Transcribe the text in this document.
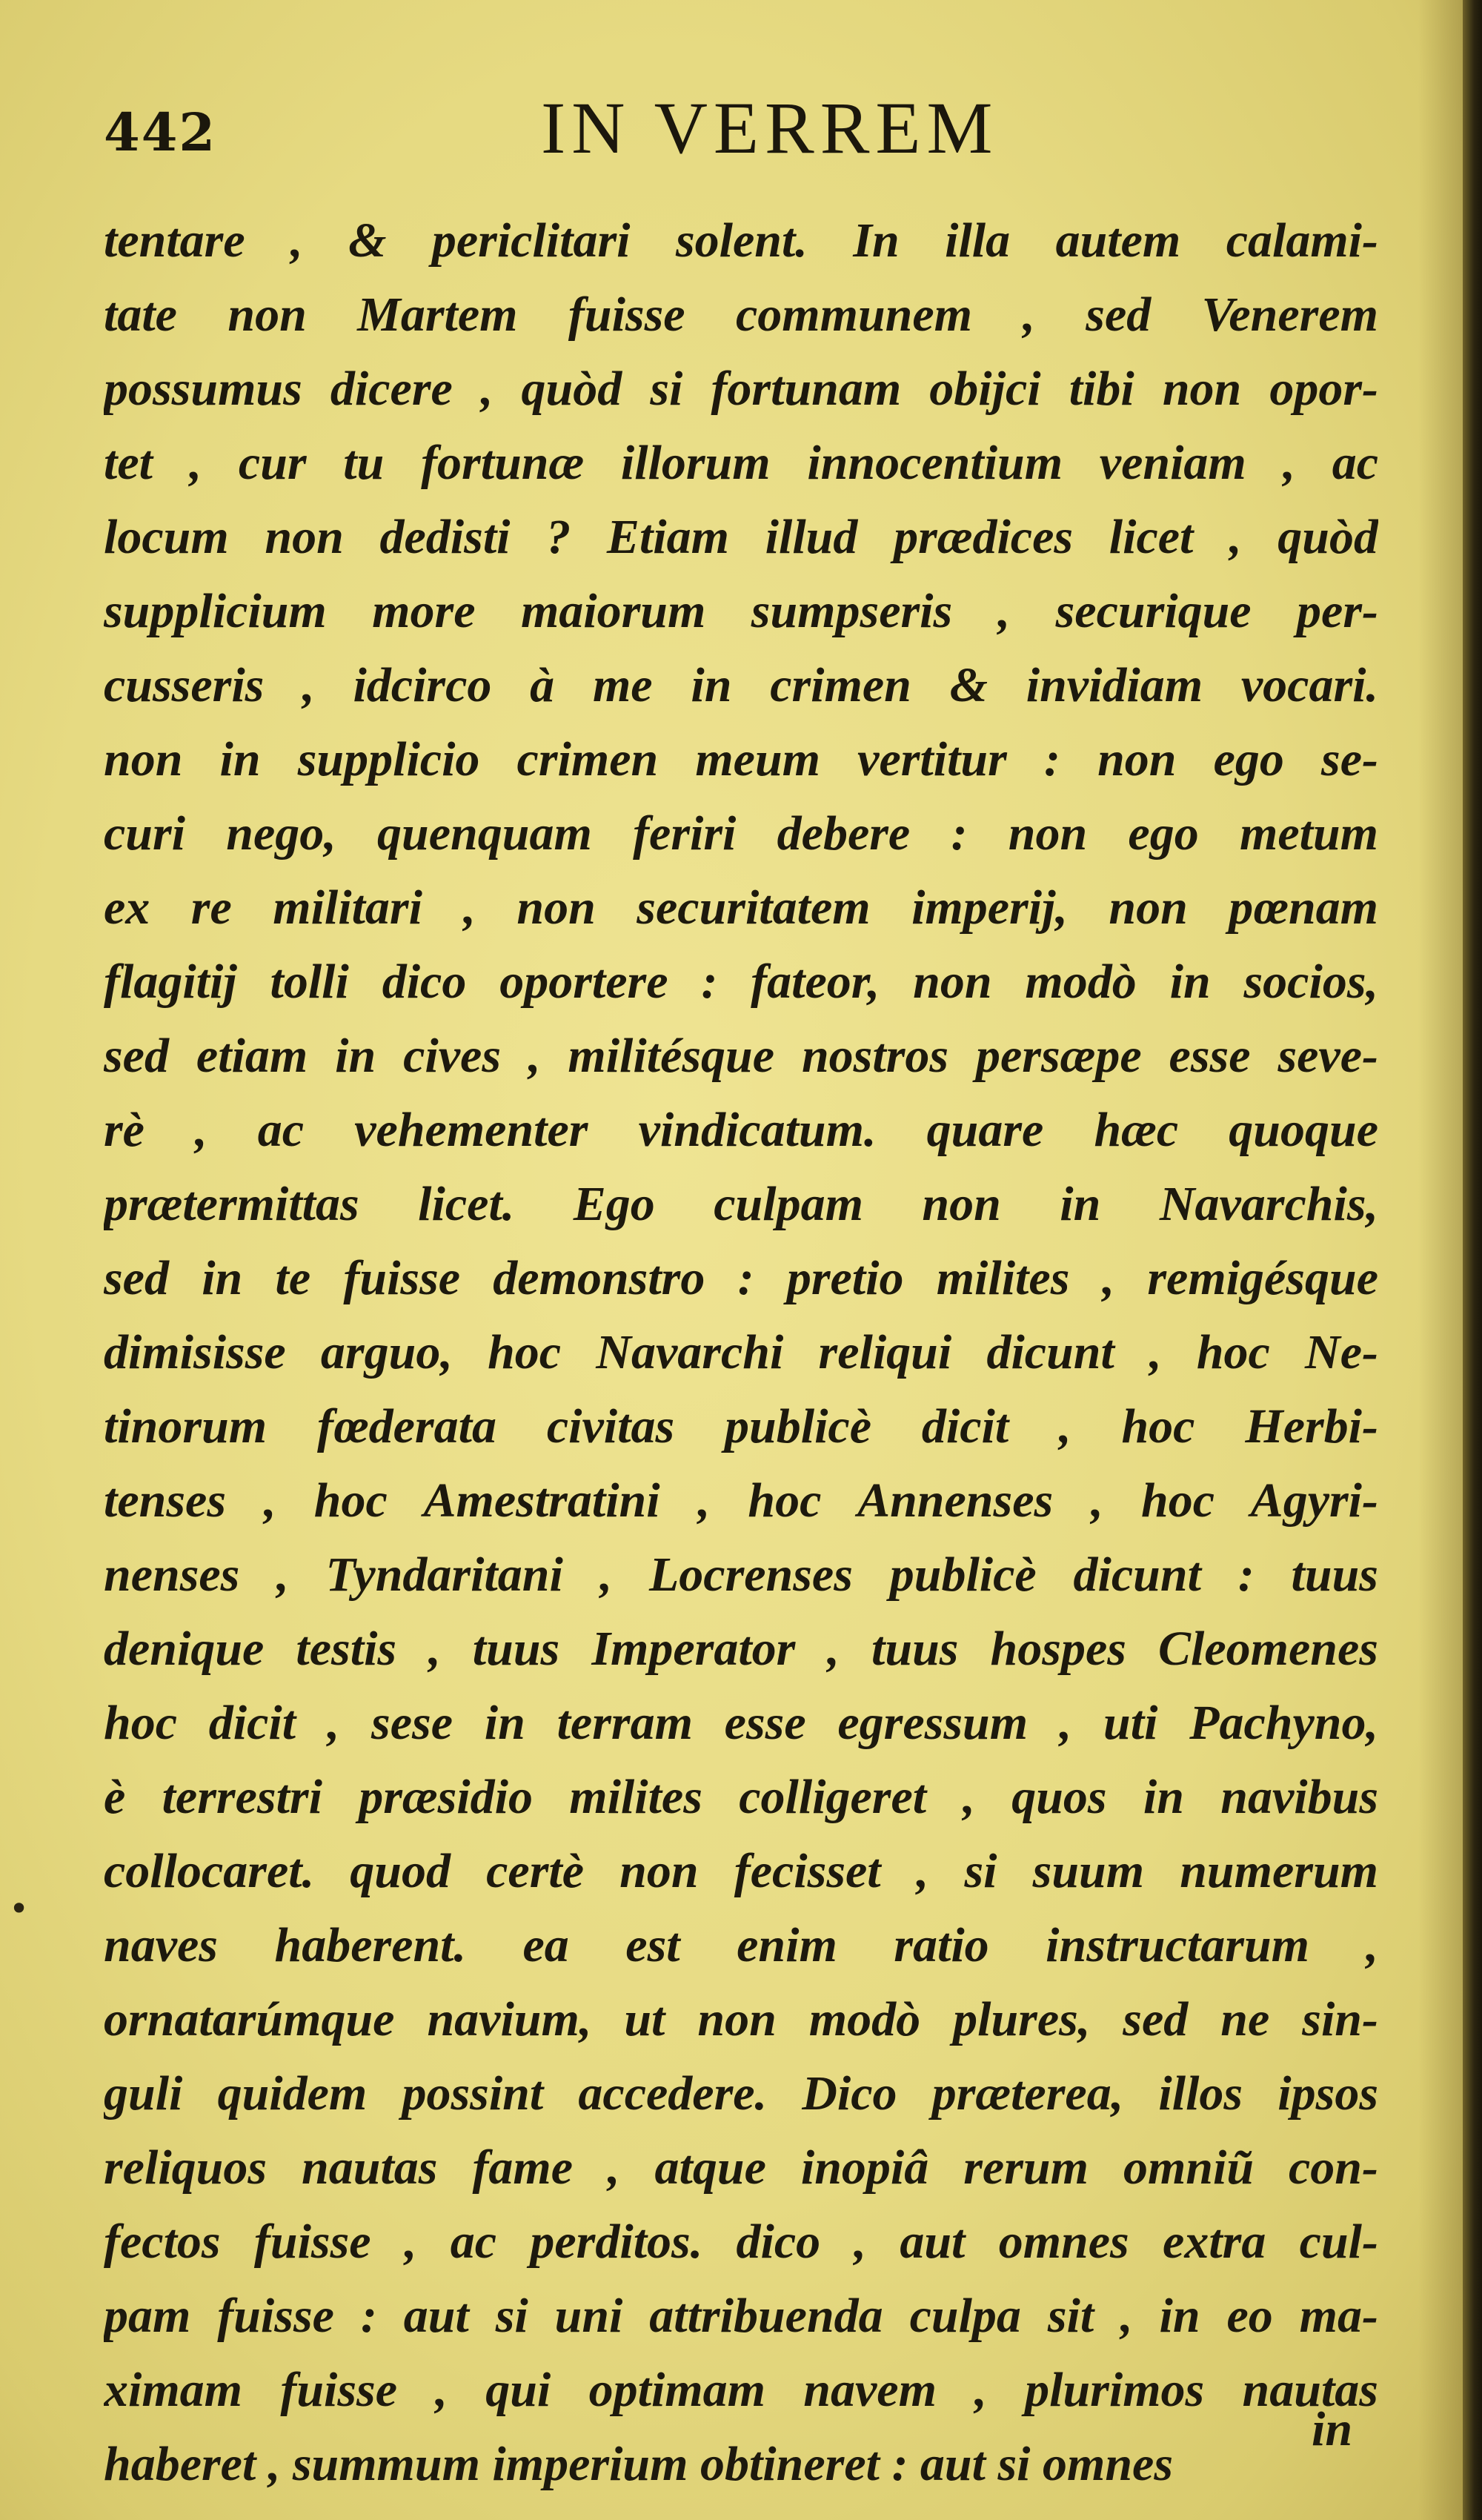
442	IN VERREM
•
tentare , & periclitari solent. In illa autem calami-
tate non Martem fuisse communem , sed Venerem
possumus dicere , quòd si fortunam obijci tibi non opor-
tet , cur tu fortunæ illorum innocentium veniam , ac
locum non dedisti ? Etiam illud prædices licet , quòd
supplicium more maiorum sumpseris , securique per-
cusseris , idcirco à me in crimen & invidiam vocari.
non in supplicio crimen meum vertitur : non ego se-
curi nego, quenquam feriri debere : non ego metum
ex re militari , non securitatem imperij, non pœnam
flagitij tolli dico oportere : fateor, non modò in socios,
sed etiam in cives , militésque nostros persæpe esse seve-
rè , ac vehementer vindicatum. quare hæc quoque
prætermittas licet. Ego culpam non in Navarchis,
sed in te fuisse demonstro : pretio milites , remigésque
dimisisse arguo, hoc Navarchi reliqui dicunt , hoc Ne-
tinorum fœderata civitas publicè dicit , hoc Herbi-
tenses , hoc Amestratini , hoc Annenses , hoc Agyri-
nenses , Tyndaritani , Locrenses publicè dicunt : tuus
denique testis , tuus Imperator , tuus hospes Cleomenes
hoc dicit , sese in terram esse egressum , uti Pachyno,
è terrestri præsidio milites colligeret , quos in navibus
collocaret. quod certè non fecisset , si suum numerum
naves haberent. ea est enim ratio instructarum ,
ornatarúmque navium, ut non modò plures, sed ne sin-
guli quidem possint accedere. Dico præterea, illos ipsos
reliquos nautas fame , atque inopiâ rerum omniũ con-
fectos fuisse , ac perditos. dico , aut omnes extra cul-
pam fuisse : aut si uni attribuenda culpa sit , in eo ma-
ximam fuisse , qui optimam navem , plurimos nautas
haberet , summum imperium obtineret : aut si omnes
in
